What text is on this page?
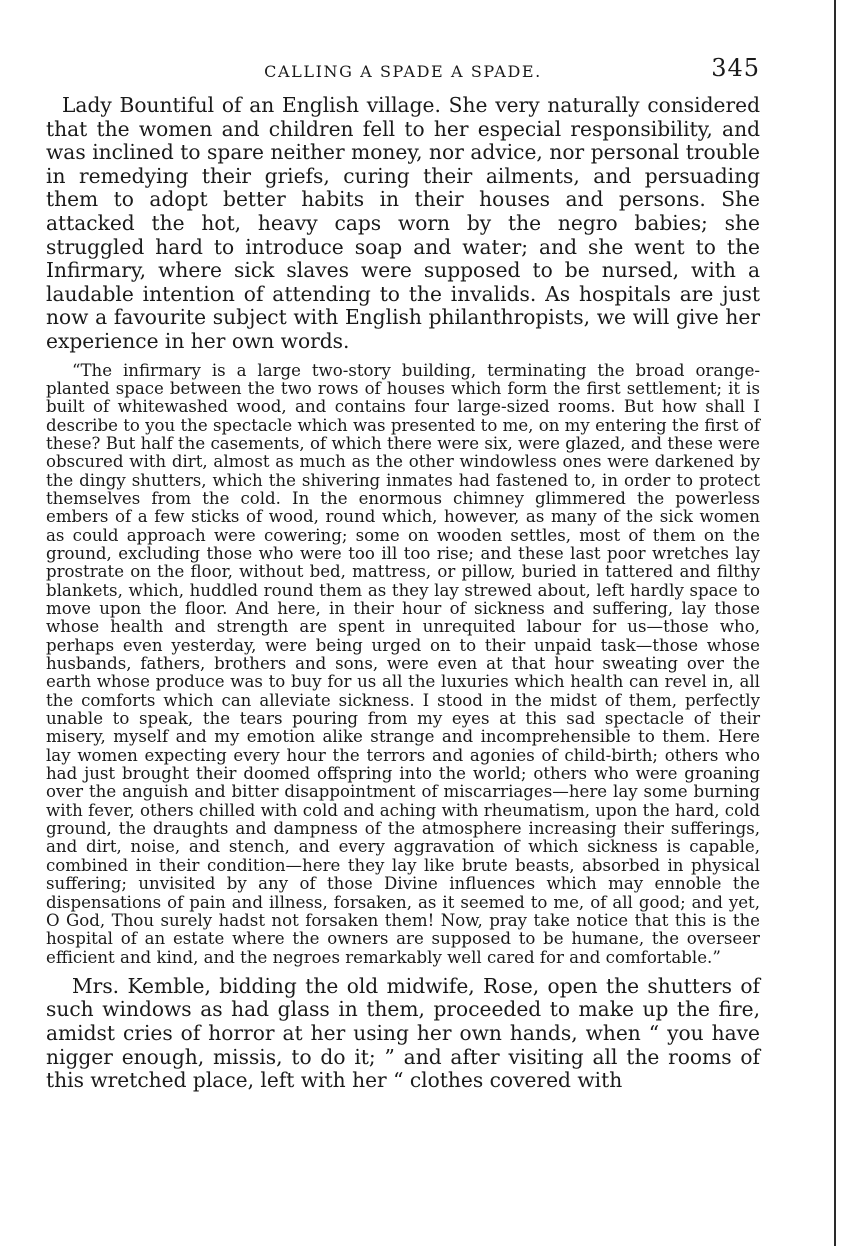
CALLING A SPADE A SPADE.	345

Lady Bountiful of an English village. She very naturally considered that the women and children fell to her especial responsibility, and was inclined to spare neither money, nor advice, nor personal trouble in remedying their griefs, curing their ailments, and persuading them to adopt better habits in their houses and persons. She attacked the hot, heavy caps worn by the negro babies; she struggled hard to introduce soap and water; and she went to the Infirmary, where sick slaves were supposed to be nursed, with a laudable intention of attending to the invalids. As hospitals are just now a favourite subject with English philanthropists, we will give her experience in her own words.

“The infirmary is a large two-story building, terminating the broad orange-planted space between the two rows of houses which form the first settlement; it is built of whitewashed wood, and contains four large-sized rooms. But how shall I describe to you the spectacle which was presented to me, on my entering the first of these? But half the casements, of which there were six, were glazed, and these were obscured with dirt, almost as much as the other windowless ones were darkened by the dingy shutters, which the shivering inmates had fastened to, in order to protect themselves from the cold. In the enormous chimney glimmered the powerless embers of a few sticks of wood, round which, however, as many of the sick women as could approach were cowering; some on wooden settles, most of them on the ground, excluding those who were too ill too rise; and these last poor wretches lay prostrate on the floor, without bed, mattress, or pillow, buried in tattered and filthy blankets, which, huddled round them as they lay strewed about, left hardly space to move upon the floor. And here, in their hour of sickness and suffering, lay those whose health and strength are spent in unrequited labour for us—those who, perhaps even yesterday, were being urged on to their unpaid task—those whose husbands, fathers, brothers and sons, were even at that hour sweating over the earth whose produce was to buy for us all the luxuries which health can revel in, all the comforts which can alleviate sickness. I stood in the midst of them, perfectly unable to speak, the tears pouring from my eyes at this sad spectacle of their misery, myself and my emotion alike strange and incomprehensible to them. Here lay women expecting every hour the terrors and agonies of child-birth; others who had just brought their doomed offspring into the world; others who were groaning over the anguish and bitter disappointment of miscarriages—here lay some burning with fever, others chilled with cold and aching with rheumatism, upon the hard, cold ground, the draughts and dampness of the atmosphere increasing their sufferings, and dirt, noise, and stench, and every aggravation of which sickness is capable, combined in their condition—here they lay like brute beasts, absorbed in physical suffering; unvisited by any of those Divine influences which may ennoble the dispensations of pain and illness, forsaken, as it seemed to me, of all good; and yet, O God, Thou surely hadst not forsaken them! Now, pray take notice that this is the hospital of an estate where the owners are supposed to be humane, the overseer efficient and kind, and the negroes remarkably well cared for and comfortable.”

Mrs. Kemble, bidding the old midwife, Rose, open the shutters of such windows as had glass in them, proceeded to make up the fire, amidst cries of horror at her using her own hands, when “ you have nigger enough, missis, to do it; ” and after visiting all the rooms of this wretched place, left with her “ clothes covered with
